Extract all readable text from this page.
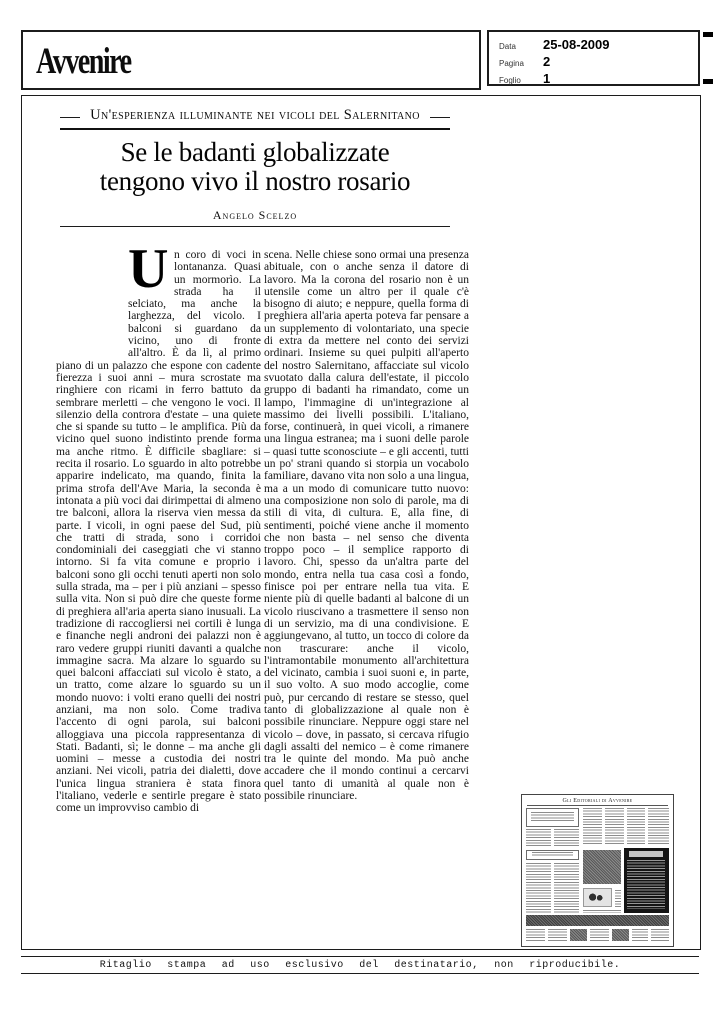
Avvenire	Data	25-08-2009
Pagina	2
Foglio	1
Un'esperienza illuminante nei vicoli del Salernitano
Se le badanti globalizzate
tengono vivo il nostro rosario
Angelo Scelzo
U n coro di voci in lontananza. Quasi un mormorìo. La strada ha il selciato, ma anche la larghezza, del vicolo. I balconi si guardano da vicino, uno di fronte all'altro. È da lì, al primo piano di un palazzo che espone con cadente fierezza i suoi anni – mura scrostate ma ringhiere con ricami in ferro battuto da sembrare merletti – che vengono le voci. Il silenzio della controra d'estate – una quiete che si spande su tutto – le amplifica. Più da vicino quel suono indistinto prende forma ma anche ritmo. È difficile sbagliare: si recita il rosario. Lo sguardo in alto potrebbe apparire indelicato, ma quando, finita la prima strofa dell'Ave Maria, la seconda è intonata a più voci dai dirimpettai di almeno tre balconi, allora la riserva vien messa da parte. I vicoli, in ogni paese del Sud, più che tratti di strada, sono i corridoi condominiali dei caseggiati che vi stanno intorno. Si fa vita comune e proprio i balconi sono gli occhi tenuti aperti non solo sulla strada, ma – per i più anziani – spesso sulla vita. Non si può dire che queste forme di preghiera all'aria aperta siano inusuali. La tradizione di raccogliersi nei cortili è lunga e finanche negli androni dei palazzi non è raro vedere gruppi riuniti davanti a qualche immagine sacra. Ma alzare lo sguardo su quei balconi affacciati sul vicolo è stato, a un tratto, come alzare lo sguardo su un mondo nuovo: i volti erano quelli dei nostri anziani, ma non solo. Come tradiva l'accento di ogni parola, sui balconi alloggiava una piccola rappresentanza di Stati. Badanti, sì; le donne – ma anche gli uomini – messe a custodia dei nostri anziani. Nei vicoli, patria dei dialetti, dove l'unica lingua straniera è stata finora l'italiano, vederle e sentirle pregare è stato come un improvviso cambio di
scena. Nelle chiese sono ormai una presenza abituale, con o anche senza il datore di lavoro. Ma la corona del rosario non è un utensile come un altro per il quale c'è bisogno di aiuto; e neppure, quella forma di preghiera all'aria aperta poteva far pensare a un supplemento di volontariato, una specie di extra da mettere nel conto dei servizi ordinari. Insieme su quei pulpiti all'aperto del nostro Salernitano, affacciate sul vicolo svuotato dalla calura dell'estate, il piccolo gruppo di badanti ha rimandato, come un lampo, l'immagine di un'integrazione al massimo dei livelli possibili. L'italiano, forse, continuerà, in quei vicoli, a rimanere una lingua estranea; ma i suoni delle parole – quasi tutte sconosciute – e gli accenti, tutti un po' strani quando si storpia un vocabolo familiare, davano vita non solo a una lingua, ma a un modo di comunicare tutto nuovo: una composizione non solo di parole, ma di stili di vita, di cultura. E, alla fine, di sentimenti, poiché viene anche il momento che non basta – nel senso che diventa troppo poco – il semplice rapporto di lavoro. Chi, spesso da un'altra parte del mondo, entra nella tua casa così a fondo, finisce poi per entrare nella tua vita. E niente più di quelle badanti al balcone di un vicolo riuscivano a trasmettere il senso non di un servizio, ma di una condivisione. E aggiungevano, al tutto, un tocco di colore da non trascurare: anche il vicolo, l'intramontabile monumento all'architettura del vicinato, cambia i suoi suoni e, in parte, il suo volto. A suo modo accoglie, come può, pur cercando di restare se stesso, quel tanto di globalizzazione al quale non è possibile rinunciare. Neppure oggi stare nel vicolo – dove, in passato, si cercava rifugio dagli assalti del nemico – è come rimanere tra le quinte del mondo. Ma può anche accadere che il mondo continui a cercarvi quel tanto di umanità al quale non è possibile rinunciare.	Gli Editoriali di Avvenire
Ritaglio stampa ad uso esclusivo del destinatario, non riproducibile.
